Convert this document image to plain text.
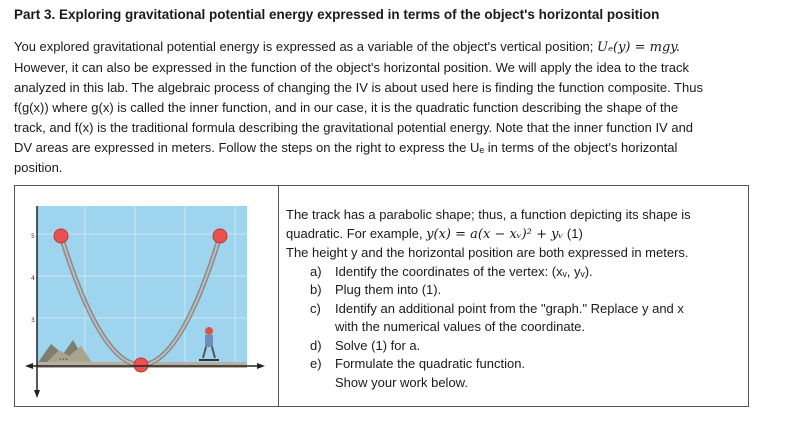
Part 3. Exploring gravitational potential energy expressed in terms of the object's horizontal position

You explored gravitational potential energy is expressed as a variable of the object's vertical position; Uₑ(y) = mgy.

However, it can also be expressed in the function of the object's horizontal position. We will apply the idea to the track

analyzed in this lab. The algebraic process of changing the IV is about used here is finding the function composite. Thus

f(g(x)) where g(x) is called the inner function, and in our case, it is the quadratic function describing the shape of the

track, and f(x) is the traditional formula describing the gravitational potential energy. Note that the inner function IV and

DV areas are expressed in meters. Follow the steps on the right to express the Uₑ in terms of the object's horizontal

position.

•••
5
4
3

The track has a parabolic shape; thus, a function depicting its shape is

quadratic. For example, y(x) = a(x − xᵥ)² + yᵥ (1)

The height y and the horizontal position are both expressed in meters.

a) Identify the coordinates of the vertex: (xᵥ, yᵥ).
b) Plug them into (1).
c) Identify an additional point from the "graph." Replace y and x
with the numerical values of the coordinate.
d) Solve (1) for a.
e) Formulate the quadratic function.
Show your work below.
